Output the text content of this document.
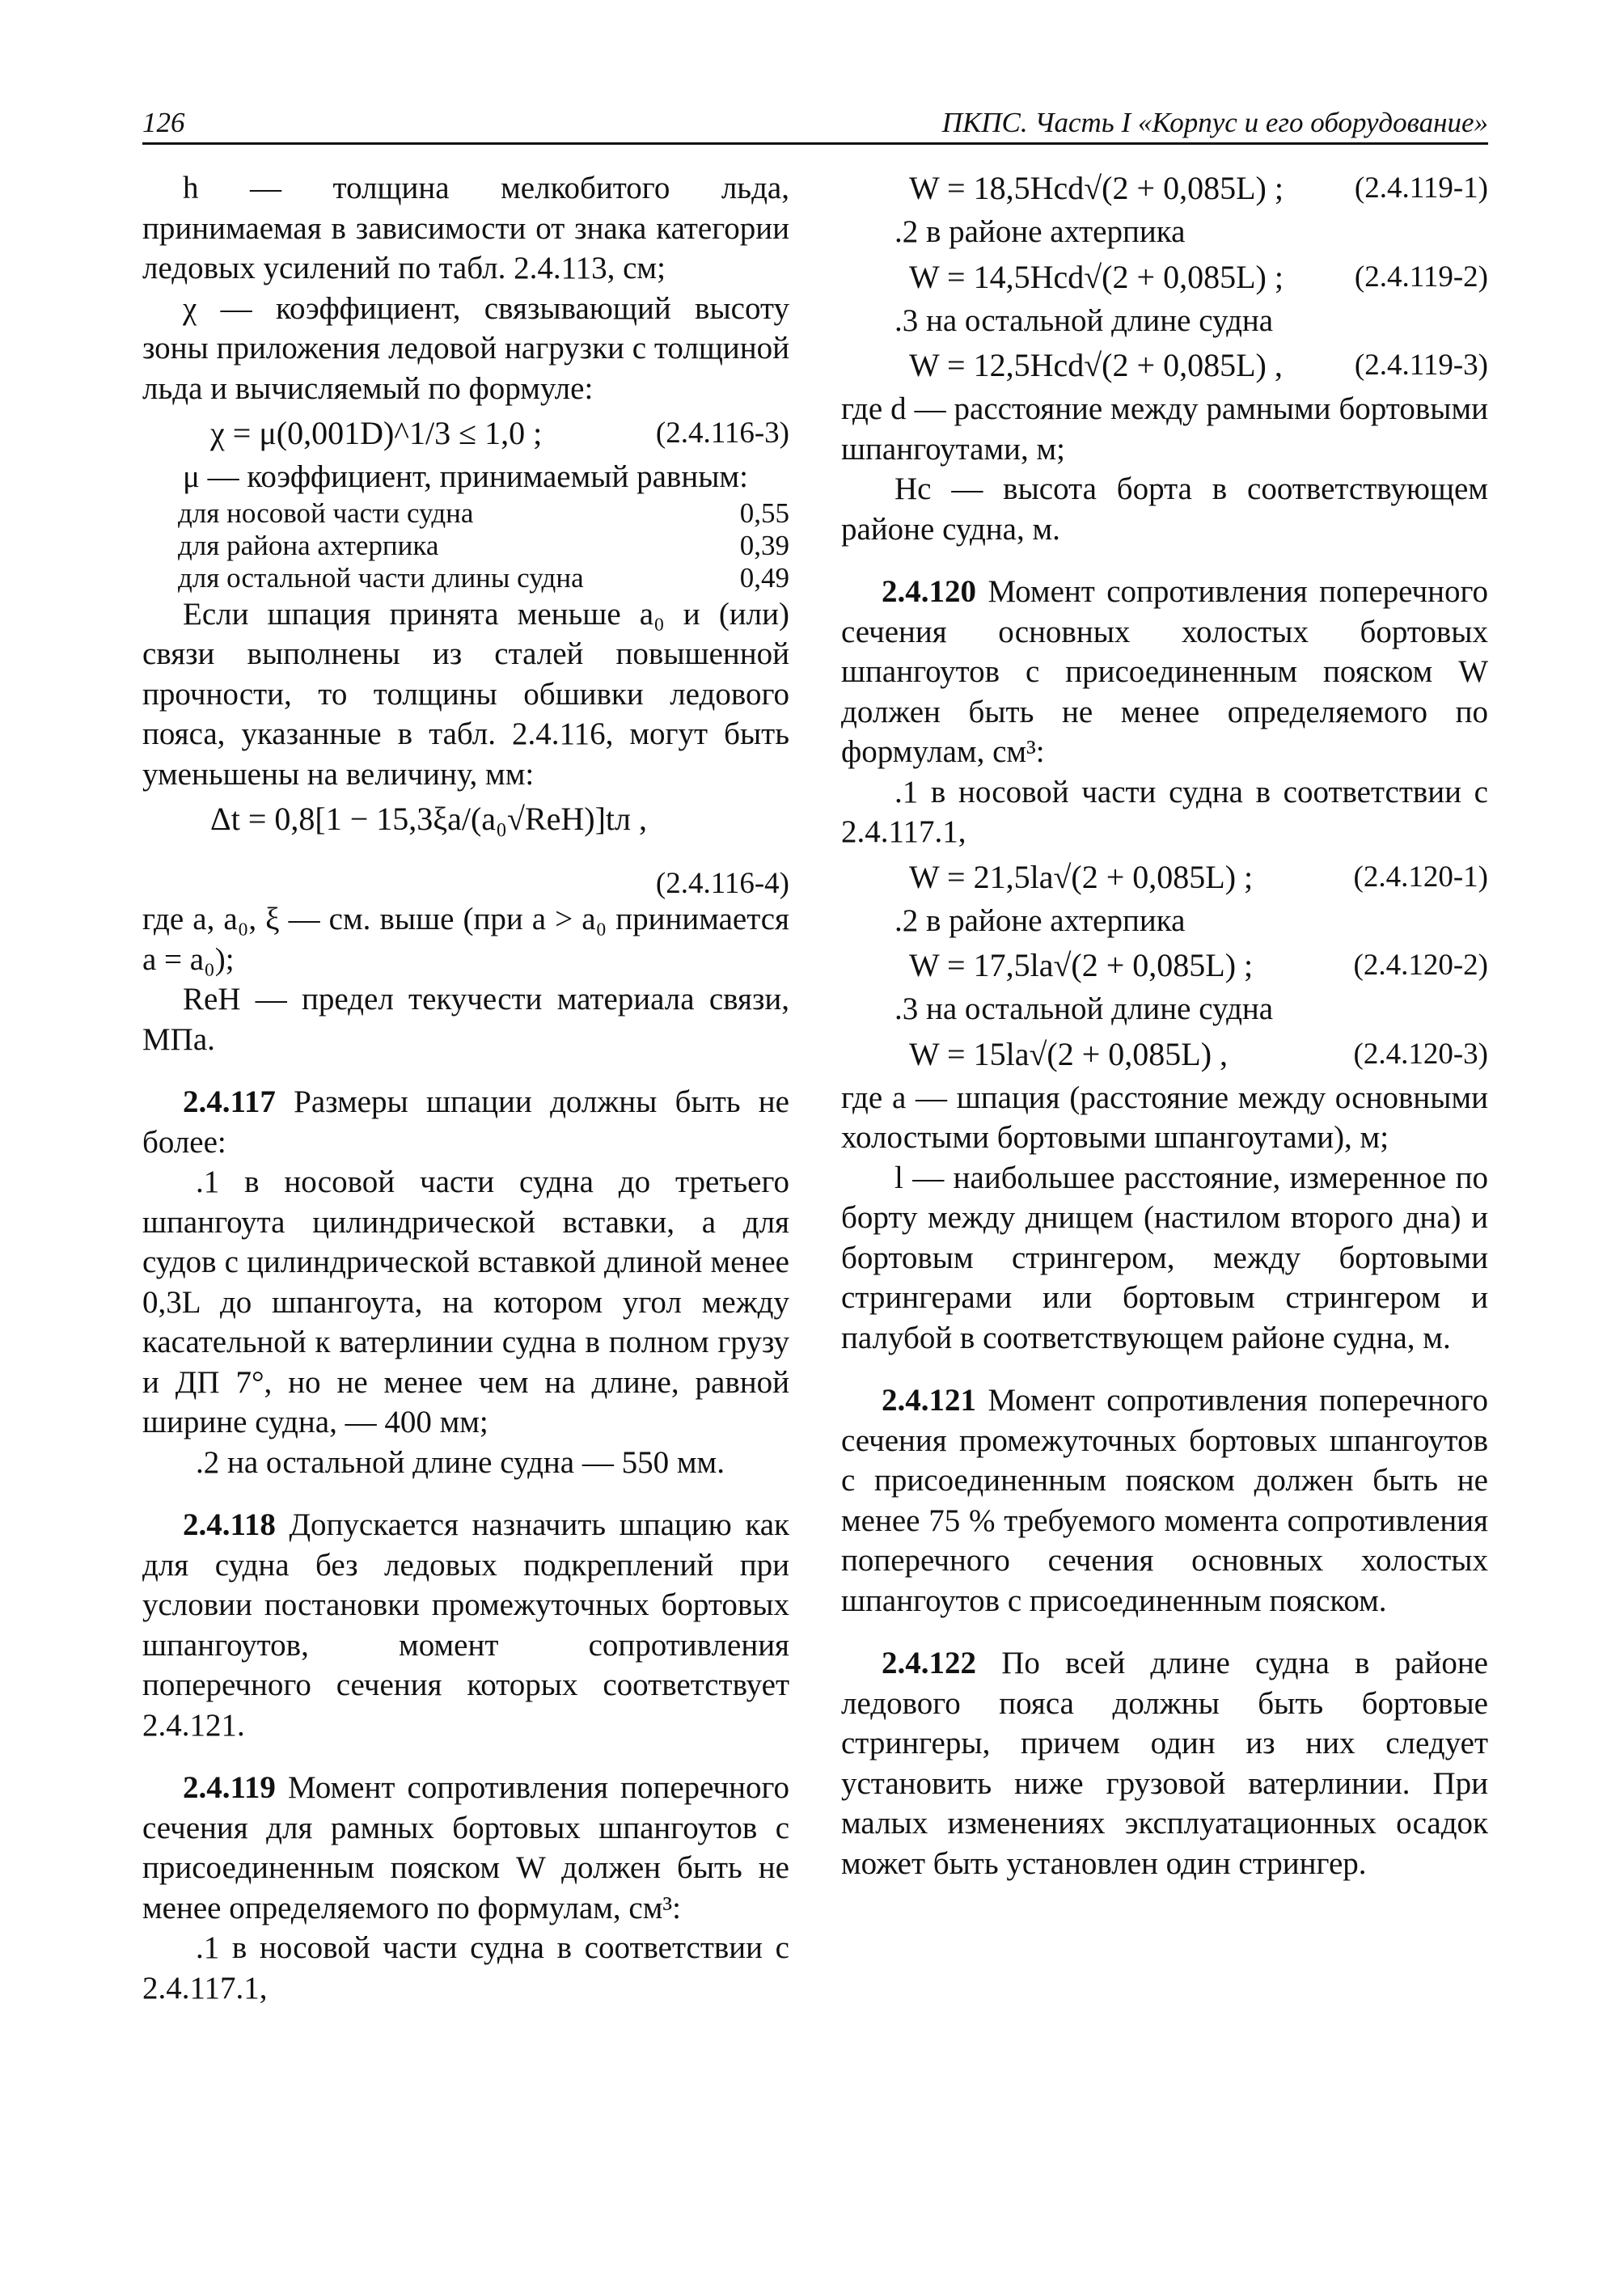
126	ПКПС. Часть I «Корпус и его оборудование»

h — толщина мелкобитого льда, принимаемая в зависимости от знака категории ледовых усилений по табл. 2.4.113, см;

χ — коэффициент, связывающий высоту зоны приложения ледовой нагрузки с толщиной льда и вычисляемый по формуле:

χ = μ(0,001D)^1/3 ≤ 1,0 ;	(2.4.116-3)

μ — коэффициент, принимаемый равным:

для носовой части судна	0,55
для района ахтерпика	0,39
для остальной части длины судна	0,49

Если шпация принята меньше a₀ и (или) связи выполнены из сталей повышенной прочности, то толщины обшивки ледового пояса, указанные в табл. 2.4.116, могут быть уменьшены на величину, мм:

Δt = 0,8[1 − 15,3ξa/(a₀√ReH)]tл ,
(2.4.116-4)

где a, a₀, ξ — см. выше (при a > a₀ принимается a = a₀);

ReH — предел текучести материала связи, МПа.

2.4.117 Размеры шпации должны быть не более:

.1 в носовой части судна до третьего шпангоута цилиндрической вставки, а для судов с цилиндрической вставкой длиной менее 0,3L до шпангоута, на котором угол между касательной к ватерлинии судна в полном грузу и ДП 7°, но не менее чем на длине, равной ширине судна, — 400 мм;

.2 на остальной длине судна — 550 мм.

2.4.118 Допускается назначить шпацию как для судна без ледовых подкреплений при условии постановки промежуточных бортовых шпангоутов, момент сопротивления поперечного сечения которых соответствует 2.4.121.

2.4.119 Момент сопротивления поперечного сечения для рамных бортовых шпангоутов с присоединенным пояском W должен быть не менее определяемого по формулам, см³:

.1 в носовой части судна в соответствии с 2.4.117.1,

W = 18,5Hсd√(2 + 0,085L) ; (2.4.119-1)

.2 в районе ахтерпика

W = 14,5Hсd√(2 + 0,085L) ; (2.4.119-2)

.3 на остальной длине судна

W = 12,5Hсd√(2 + 0,085L) , (2.4.119-3)

где d — расстояние между рамными бортовыми шпангоутами, м;

Hс — высота борта в соответствующем районе судна, м.

2.4.120 Момент сопротивления поперечного сечения основных холостых бортовых шпангоутов с присоединенным пояском W должен быть не менее определяемого по формулам, см³:

.1 в носовой части судна в соответствии с 2.4.117.1,

W = 21,5la√(2 + 0,085L) ;	(2.4.120-1)

.2 в районе ахтерпика

W = 17,5la√(2 + 0,085L) ;	(2.4.120-2)

.3 на остальной длине судна

W = 15la√(2 + 0,085L) ,	(2.4.120-3)

где a — шпация (расстояние между основными холостыми бортовыми шпангоутами), м;

l — наибольшее расстояние, измеренное по борту между днищем (настилом второго дна) и бортовым стрингером, между бортовыми стрингерами или бортовым стрингером и палубой в соответствующем районе судна, м.

2.4.121 Момент сопротивления поперечного сечения промежуточных бортовых шпангоутов с присоединенным пояском должен быть не менее 75 % требуемого момента сопротивления поперечного сечения основных холостых шпангоутов с присоединенным пояском.

2.4.122 По всей длине судна в районе ледового пояса должны быть бортовые стрингеры, причем один из них следует установить ниже грузовой ватерлинии. При малых изменениях эксплуатационных осадок может быть установлен один стрингер.
